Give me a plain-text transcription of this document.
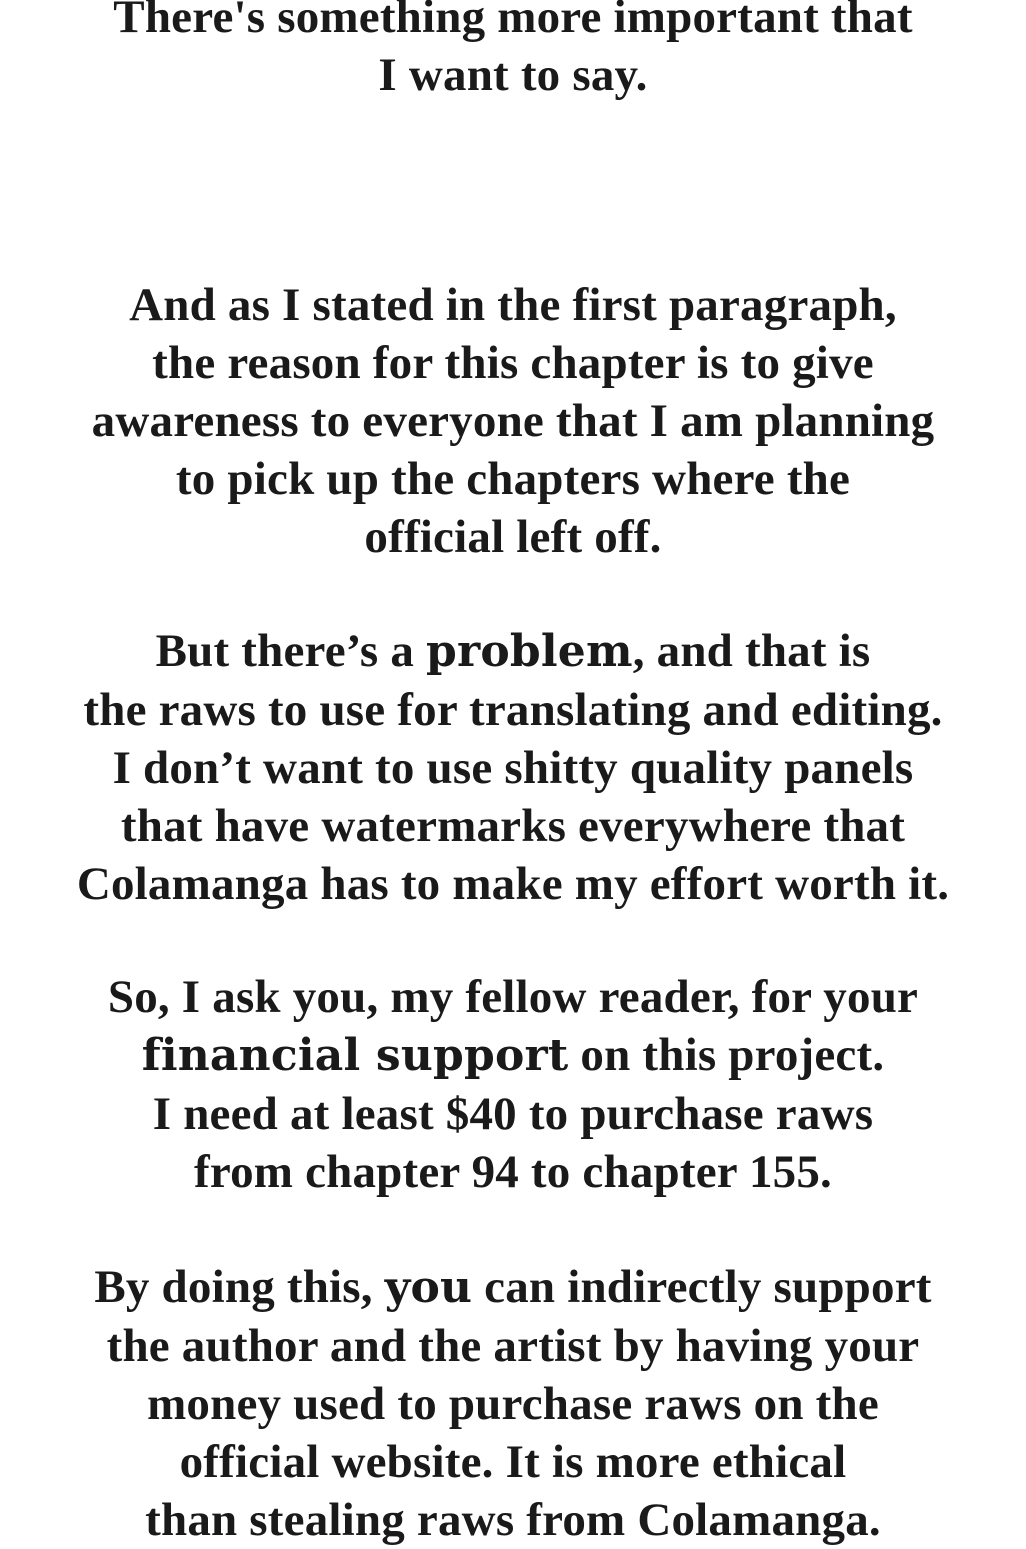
There's something more important that
I want to say.
And as I stated in the first paragraph,
the reason for this chapter is to give
awareness to everyone that I am planning
to pick up the chapters where the
official left off.
But there’s a problem, and that is
the raws to use for translating and editing.
I don’t want to use shitty quality panels
that have watermarks everywhere that
Colamanga has to make my effort worth it.
So, I ask you, my fellow reader, for your
financial support on this project.
I need at least $40 to purchase raws
from chapter 94 to chapter 155.
By doing this, you can indirectly support
the author and the artist by having your
money used to purchase raws on the
official website. It is more ethical
than stealing raws from Colamanga.
